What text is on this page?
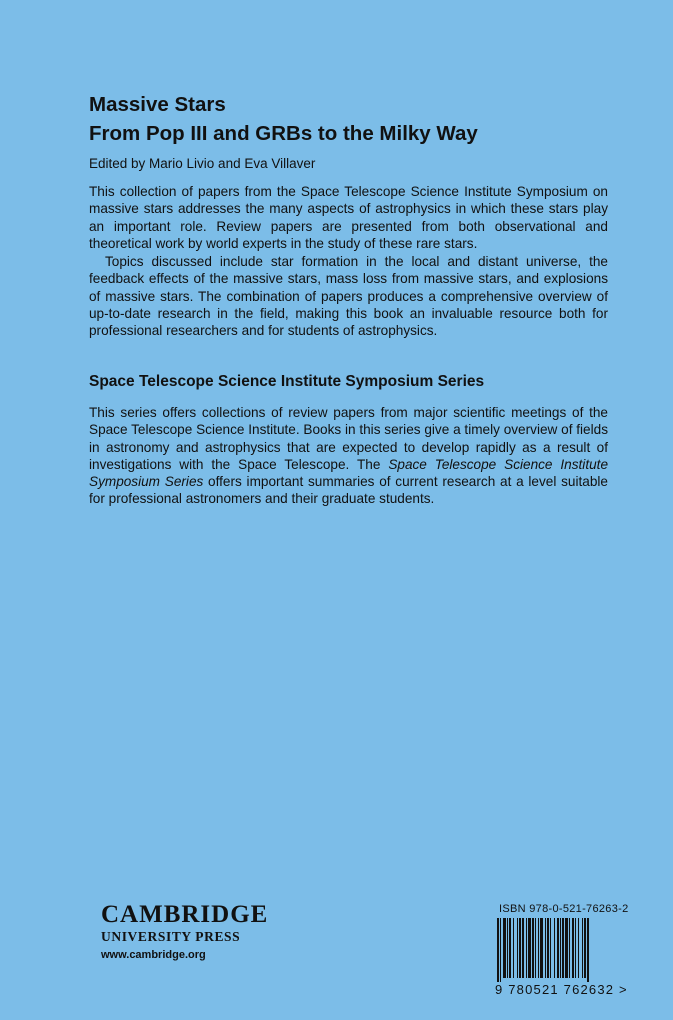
Massive Stars

From Pop III and GRBs to the Milky Way

Edited by Mario Livio and Eva Villaver

This collection of papers from the Space Telescope Science Institute Symposium on massive stars addresses the many aspects of astrophysics in which these stars play an important role. Review papers are presented from both observational and theoretical work by world experts in the study of these rare stars.

Topics discussed include star formation in the local and distant universe, the feedback effects of the massive stars, mass loss from massive stars, and explosions of massive stars. The combination of papers produces a comprehensive overview of up-to-date research in the field, making this book an invaluable resource both for professional researchers and for students of astrophysics.

Space Telescope Science Institute Symposium Series

This series offers collections of review papers from major scientific meetings of the Space Telescope Science Institute. Books in this series give a timely overview of fields in astronomy and astrophysics that are expected to develop rapidly as a result of investigations with the Space Telescope. The Space Telescope Science Institute Symposium Series offers important summaries of current research at a level suitable for professional astronomers and their graduate students.

CAMBRIDGE

UNIVERSITY PRESS

www.cambridge.org

ISBN 978-0-521-76263-2

9 780521 762632 >
